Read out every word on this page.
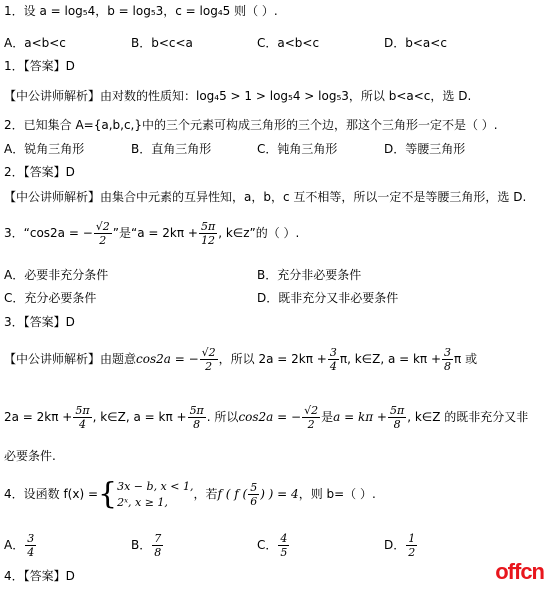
1．设 a = log₅4，b = log₅3，c = log₄5 则（ ）.
A．a<b<c	B．b<c<a	C．a<b<c	D．b<a<c
1．【答案】D
【中公讲师解析】由对数的性质知：log₄5 > 1 > log₅4 > log₅3，所以 b<a<c，选 D.
2．已知集合 A={a,b,c,}中的三个元素可构成三角形的三个边，那这个三角形一定不是（ ）.
A．锐角三角形	B．直角三角形	C．钝角三角形	D．等腰三角形
2．【答案】D
【中公讲师解析】由集合中元素的互异性知，a，b，c 互不相等，所以一定不是等腰三角形，选 D.
3．“cos2a = − $\frac{√2}{2}$ ”是“$a = 2k\pi + \frac{5\pi}{12}$ , k∈z”的（ ）.
A．必要非充分条件	B．充分非必要条件
C．充分必要条件	D．既非充分又非必要条件
3．【答案】D
【中公讲师解析】由题意cos2a = − $\frac{√2}{2}$ ，所以 $2a = 2k\pi + \frac{3}{4} \pi$, k∈Z, $a = k\pi + \frac{3}{8}$ π 或
$2a = 2k\pi + \frac{5\pi}{4}$ , k∈Z, $a = k\pi + \frac{5\pi}{8}$ . 所以cos2a = − $\frac{√2}{2}$ 是$a = k\pi + \frac{5\pi}{8}$ , k∈Z 的既非充分又非
必要条件.
4．设函数 f(x) ={ 3x − b, x < 1,
2ˣ, x ≥ 1,
，若f ( f ( $\frac{5}{6}$ ) ) = 4，则 b=（ ）.
A． $\frac{3}{4}$	B． $\frac{7}{8}$	C． $\frac{4}{5}$	D． $\frac{1}{2}$
4．【答案】D	offcn
